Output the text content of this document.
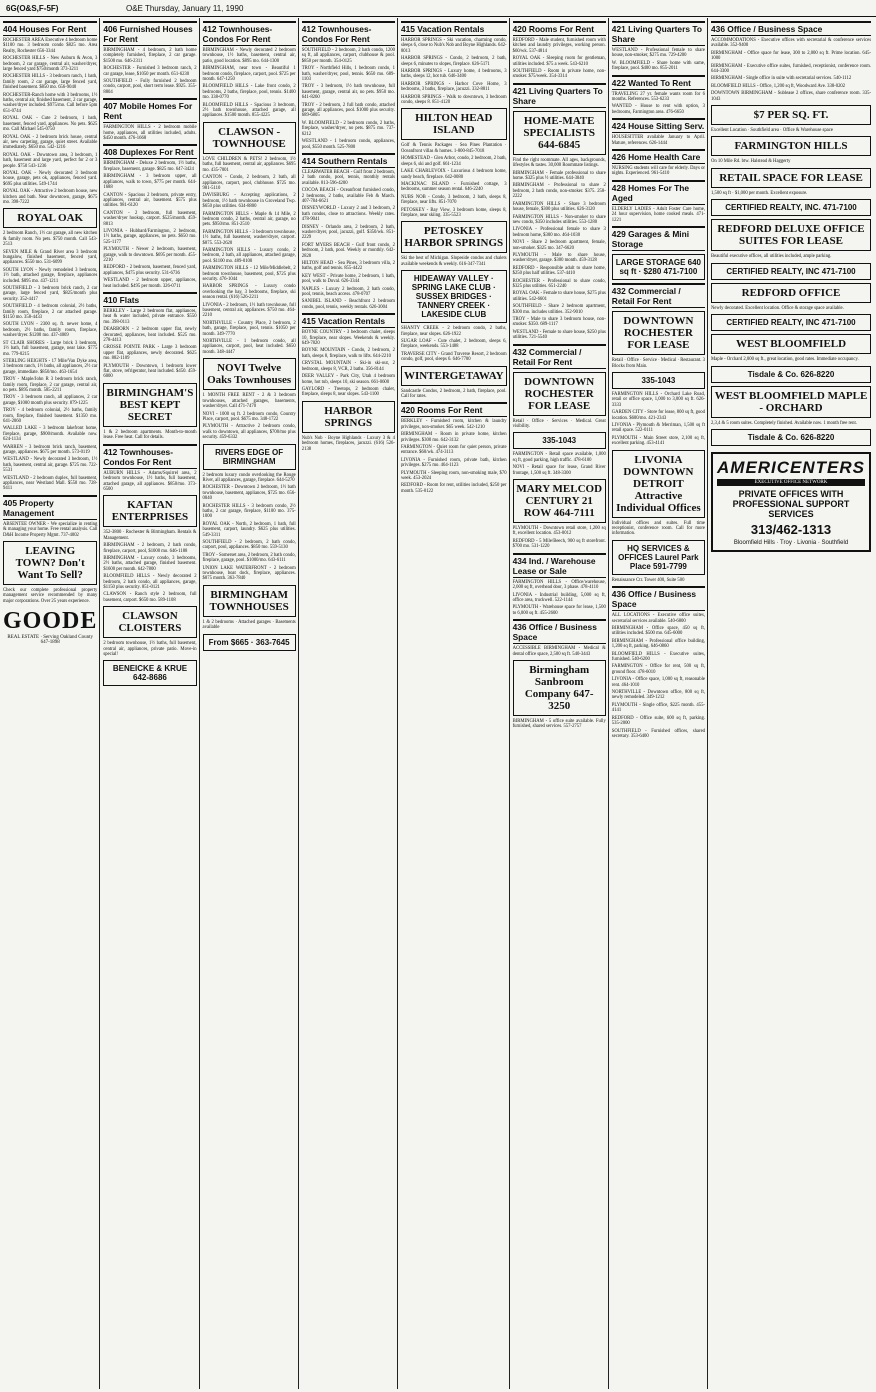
6G(O&S,F-5F)	O&E Thursday, January 11, 1990
404 Houses For Rent

ROCHESTER AREA Executive 4 bedroom home $1100 mo. 3 bedroom condo $825 mo. Area Realty, Rochester 656-3344

ROCHESTER HILLS - New Auburn & Avon, 3 bedroom, 2 car garage, central air, washer/dryer, large fenced yard $750/month 373-3211

ROCHESTER HILLS - 3 bedroom ranch, 1 bath, family room, 2 car garage, large fenced yard, finished basement. $850 mo. 656-9040

ROCHESTER-Ranch home with 3 bedrooms, 1½ baths, central air, finished basement, 2 car garage, washer/dryer included. $975/mo. Call before 5pm 651-0744

ROYAL OAK - Cute 2 bedroom, 1 bath, basement, fenced yard, appliances. No pets. $625 mo. Call Michael 545-0750

ROYAL OAK - 2 bedroom brick house, central air, new carpeting, garage, quiet street. Available immediately. $650 mo. 542-1216

ROYAL OAK - Downtown area, 3 bedroom, 1 bath, basement and large yard, perfect for 2 or 3 people. $750 543-1236

ROYAL OAK - Newly decorated 3 bedroom house, garage, pets ok, appliances, fenced yard. $695 plus utilities. 549-1744

ROYAL OAK - Attractive 2 bedroom house, new kitchen and bath. Near downtown, garage, $675 mo. 398-7222

ROYAL OAK

2 bedroom Ranch, 1½ car garage, all new kitchen & family room. No pets. $750 month. Call 543-2513

SEVEN MILE & Grand River area 3 bedroom bungalow, finished basement, fenced yard, appliances. $550 mo. 531-6099

SOUTH LYON - Newly remodeled 3 bedroom, 1½ bath, attached garage, fireplace, appliances included. $895 mo. 437-1211

SOUTHFIELD - 3 bedroom brick ranch, 2 car garage, large fenced yard, $825/month plus security. 352-4417

SOUTHFIELD - 4 bedroom colonial, 2½ baths, family room, fireplace, 2 car attached garage. $1150 mo. 358-4433

SOUTH LYON - 2300 sq. ft. newer home, 4 bedroom, 2½ baths, family room, fireplace, washer/dryer. $1200 mo. 437-4069

ST CLAIR SHORES - Large brick 3 bedroom, 1½ bath, full basement, garage, near lake. $775 mo. 779-0215

STERLING HEIGHTS - 17 Mile/Van Dyke area, 3 bedroom ranch, 1½ baths, all appliances, 2½ car garage, immediate. $850/mo. 463-1654

TROY - Maple/John R 3 bedroom brick ranch, family room, fireplace, 2 car garage, central air, no pets. $895 month. 585-2211

TROY - 3 bedroom ranch, all appliances, 2 car garage, $1000 month plus security. 879-1225

TROY - 4 bedroom colonial, 2½ baths, family room, fireplace, finished basement. $1350 mo. 641-2060

WALLED LAKE - 3 bedroom lakefront home, fireplace, garage, $900/month. Available now. 624-1134

WARREN - 3 bedroom brick ranch, basement, garage, appliances. $675 per month. 573-0119

WESTLAND - Newly decorated 3 bedroom, 1½ bath, basement, central air, garage. $725 mo. 722-5531

WESTLAND - 2 bedroom duplex, full basement, appliances, near Westland Mall. $550 mo. 728-9411

405 Property Management

ABSENTEE OWNER - We specialize in renting & managing your home. Free rental analysis. Call D&H Income Property Mgmt. 737-4002

LEAVING TOWN? Don't Want To Sell?

Check our complete professional property management service recommended by many major corporations. Over 25 years experience.

GOODE
REAL ESTATE · Serving Oakland County 647-1898
406 Furnished Houses For Rent

BIRMINGHAM - 4 bedroom, 2 bath home completely furnished, fireplace, 2 car garage. $1500 mo. 646-2311

ROCHESTER - Furnished 3 bedroom ranch, 2 car garage, lease, $1050 per month. 651-6230

SOUTHFIELD - Fully furnished 2 bedroom condo, carport, pool, short term lease. $925. 355-8804

407 Mobile Homes For Rent

FARMINGTON HILLS - 2 bedroom mobile home, appliances, all utilities included, adults. $450 month. 476-1668

408 Duplexes For Rent

BIRMINGHAM - Deluxe 2 bedroom, 1½ baths, fireplace, basement, garage. $825 mo. 647-3424

BIRMINGHAM - 3 bedroom upper, all appliances, walk to town, $775 per month. 644-1688

CANTON - Spacious 2 bedroom, private entry, appliances, central air, basement. $575 plus utilities. 981-6120

CANTON - 2 bedroom, full basement, washer/dryer hookup, carport. $525/month. 459-8813

LIVONIA - Hubbard/Farmington, 2 bedroom, 1½ baths, garage, appliances, no pets. $650 mo. 525-1177

PLYMOUTH - Newer 2 bedroom, basement, garage, walk to downtown. $695 per month. 455-2210

REDFORD - 2 bedroom, basement, fenced yard, appliances, $475 plus security. 531-6736

WESTLAND - 2 bedroom upper, appliances, heat included. $495 per month. 326-0711

410 Flats

BERKLEY - Large 2 bedroom flat, appliances, heat & water included, private entrance. $550 mo. 398-0113

DEARBORN - 2 bedroom upper flat, newly decorated, appliances, heat included. $525 mo. 278-4413

GROSSE POINTE PARK - Large 3 bedroom upper flat, appliances, newly decorated. $625 mo. 882-1109

PLYMOUTH - Downtown, 1 bedroom lower flat, stove, refrigerator, heat included. $450. 459-6000

BIRMINGHAM'S BEST KEPT SECRET

1 & 2 bedroom apartments. Month-to-month lease. Free heat. Call for details.

412 Townhouses-Condos For Rent

AUBURN HILLS - Adams/Squirrel area, 2 bedroom townhouse, 1½ baths, full basement, attached garage, all appliances. $850/mo. 373-6500

KAFTAN ENTERPRISES

352-3800 · Rochester & Birmingham. Rentals & Management.

BIRMINGHAM - 2 bedroom, 2 bath condo, fireplace, carport, pool, $1000 mo. 646-1188

BIRMINGHAM - Luxury condo, 3 bedrooms, 2½ baths, attached garage, finished basement. $1600 per month. 642-7800

BLOOMFIELD HILLS - Newly decorated 2 bedroom, 2 bath condo, all appliances, garage, $1150 plus security. 851-0121

CLAWSON - Ranch style 2 bedroom, full basement, carport. $650 mo. 589-1108

CLAWSON CLOISTERS

2 bedroom townhouse, 1½ baths, full basement, central air, appliances, private patio. Move-in special!

BENEICKE & KRUE 642-8686
412 Townhouses-Condos For Rent

BIRMINGHAM - Newly decorated 2 bedroom townhouse, 1½ baths, basement, central air, patio, good location. $895 mo. 644-1300

BIRMINGHAM, near town - Beautiful 1 bedroom condo, fireplace, carport, pool. $725 per month. 647-1250

BLOOMFIELD HILLS - Lake front condo, 2 bedrooms, 2 baths, fireplace, pool, tennis. $1400 mo. 338-0770

BLOOMFIELD HILLS - Spacious 3 bedroom, 2½ bath townhouse, attached garage, all appliances. $1500 month. 855-4225

CLAWSON - TOWNHOUSE

LOVE CHILDREN & PETS! 2 bedroom, 1½ baths, full basement, central air, appliances. $695 mo. 435-7001

CANTON - Condo, 2 bedroom, 2 bath, all appliances, carport, pool, clubhouse. $725 mo. 981-5110

DAVISBURG - Accepting applications, 2 bedroom, 1½ bath townhouse in Groveland Twp. $650 plus utilities. 634-8800

FARMINGTON HILLS - Maple & 14 Mile, 2 bedroom condo, 2 baths, central air, garage, no pets. $950/mo. 851-2510

FARMINGTON HILLS - 3 bedroom townhouse, 1½ baths, full basement, washer/dryer, carport. $875. 553-2620

FARMINGTON HILLS - Luxury condo, 2 bedroom, 2 bath, all appliances, attached garage, pool. $1100 mo. 489-0100

FARMINGTON HILLS - 12 Mile/Middlebelt, 2 bedroom townhouse, basement, pool, $725 plus security. 476-1044

HARBOR SPRINGS - Luxury condo overlooking the bay, 3 bedrooms, fireplace, ski season rental. (616) 526-2211

LIVONIA - 2 bedroom, 1½ bath townhouse, full basement, central air, appliances. $750 mo. 464-2210

NORTHVILLE - Country Place, 2 bedroom, 2 bath, garage, fireplace, pool, tennis. $1050 per month. 349-7770

NORTHVILLE - 1 bedroom condo, all appliances, carport, pool, heat included. $650 month. 348-4447

NOVI Twelve Oaks Townhouses

1 MONTH FREE RENT - 2 & 3 bedroom townhouses, attached garages, basements, washer/dryer. Call 471-7470

NOVI - 1000 sq ft. 2 bedroom condo, Country Place, carport, pool. $675 mo. 348-1722

PLYMOUTH - Attractive 2 bedroom condo, walk to downtown, all appliances, $700/mo plus security. 459-6332

RIVERS EDGE OF BIRMINGHAM

2 bedroom luxury condo overlooking the Rouge River, all appliances, garage, fireplace. 644-5270

ROCHESTER - Downtown 2 bedroom, 1½ bath townhouse, basement, appliances, $725 mo. 656-0040

ROCHESTER HILLS - 3 bedroom condo, 2½ baths, 2 car garage, fireplace, $1100 mo. 375-1000

ROYAL OAK - North, 2 bedroom, 1 bath, full basement, carport, laundry. $625 plus utilities. 549-3311

SOUTHFIELD - 2 bedroom, 2 bath condo, carport, pool, appliances. $850 mo. 559-5130

TROY - Somerset area, 2 bedroom, 2 bath condo, fireplace, garage, pool. $1000/mo. 643-6111

UNION LAKE WATERFRONT - 2 bedroom townhouse, boat dock, fireplace, appliances. $875 month. 363-7840

BIRMINGHAM TOWNHOUSES

1 & 2 bedrooms · Attached garages · Basements available

From $665 · 363-7645
412 Townhouses-Condos For Rent

SOUTHFIELD - 2 bedroom, 2 bath condo, 1200 sq ft, all appliances, carport, clubhouse & pool. $850 per month. 354-0125

TROY - Northfield Hills, 1 bedroom condo, 1 bath, washer/dryer, pool, tennis. $650 mo. 689-1103

TROY - 3 bedroom, 1½ bath townhouse, full basement, garage, central air, no pets. $950 mo. 641-8260

TROY - 2 bedroom, 2 full bath condo, attached garage, all appliances, pool. $1000 plus security. 689-6805

W. BLOOMFIELD - 2 bedroom condo, 2 baths, fireplace, washer/dryer, no pets. $875 mo. 737-6212

WESTLAND - 1 bedroom condo, appliances, pool, $550 month. 525-7800

414 Southern Rentals

CLEARWATER BEACH - Gulf front 2 bedroom, 2 bath condo, pool, tennis, monthly rentals available. 813-596-4200

COCOA BEACH - Oceanfront furnished condo, 2 bedrooms, 2 baths, available Feb & March. 407-784-6621

DISNEYWORLD - Luxury 2 and 3 bedroom, 2 bath condos, close to attractions. Weekly rates. 478-9041

DISNEY - Orlando area, 2 bedroom, 2 bath, washer/dryer, pool, jacuzzi, golf. $350/wk. 851-2229

FORT MYERS BEACH - Gulf front condo, 2 bedroom, 2 bath, pool. Weekly or monthly. 642-2828

HILTON HEAD - Sea Pines, 3 bedroom villa, 2 baths, golf and tennis. 855-4422

KEY WEST - Private home, 2 bedroom, 1 bath, pool, walk to Duval. 626-3344

NAPLES - Luxury 2 bedroom, 2 bath condo, pool, tennis, beach access. 478-0707

SANIBEL ISLAND - Beachfront 2 bedroom condo, pool, tennis, weekly rentals. 626-3004

415 Vacation Rentals

BOYNE COUNTRY - 3 bedroom chalet, sleeps 10, fireplace, near slopes. Weekends & weekly. 649-7820

BOYNE MOUNTAIN - Condo, 2 bedroom, 2 bath, sleeps 8, fireplace, walk to lifts. 644-2210

CRYSTAL MOUNTAIN - Ski-in ski-out, 2 bedroom, sleeps 8, VCR, 2 baths. 356-8144

DEER VALLEY - Park City, Utah 4 bedroom home, hot tub, sleeps 10, ski season. 661-0600

GAYLORD - Treetops, 2 bedroom chalet, fireplace, sleeps 8, near slopes. 543-1100

HARBOR SPRINGS

Nub's Nob · Boyne Highlands · Luxury 3 & 4 bedroom homes, fireplaces, jacuzzi. (616) 526-2138

415 Vacation Rentals

HARBOR SPRINGS - Ski vacation, charming condo, sleeps 6, close to Nub's Nob and Boyne Highlands. 642-8013

HARBOR SPRINGS - Condo, 2 bedroom, 2 bath, sleeps 6, minutes to slopes, fireplace. 626-5171

HARBOR SPRINGS - Luxury home, 4 bedrooms, 3 baths, sleeps 12, hot tub. 646-3400

HARBOR SPRINGS - Harbor Cove Home, 3 bedrooms, 3 baths, fireplace, jacuzzi. 332-8811

HARBOR SPRINGS - Walk to downtown, 3 bedroom condo, sleeps 8. 851-4120

HILTON HEAD ISLAND

Golf & Tennis Packages · Sea Pines Plantation · Oceanfront villas & homes. 1-800-845-7018

HOMESTEAD - Glen Arbor, condo, 2 bedroom, 2 bath, sleeps 6, ski and golf. 661-1234

LAKE CHARLEVOIX - Luxurious 4 bedroom home, sandy beach, fireplace. 642-0080

MACKINAC ISLAND - Furnished cottage, 3 bedrooms, summer season rental. 646-2240

NUBS NOB - Condo, 3 bedroom, 2 bath, sleeps 8, fireplace, near lifts. 851-7070

PETOSKEY - Bay View, 3 bedroom home, sleeps 8, fireplace, near skiing. 335-5523

PETOSKEY HARBOR SPRINGS

Ski the best of Michigan. Slopeside condos and chalets available weekends & weekly. 616-347-7341

HIDEAWAY VALLEY · SPRING LAKE CLUB · SUSSEX BRIDGES · TANNERY CREEK · LAKESIDE CLUB

SHANTY CREEK - 2 bedroom condo, 2 baths, fireplace, near slopes. 626-1922

SUGAR LOAF - Cute chalet, 2 bedroom, sleeps 6, fireplace, weekends. 553-1488

TRAVERSE CITY - Grand Traverse Resort, 2 bedroom condo, golf, pool, sleeps 6. 646-7700

WINTERGETAWAY

Sandcastle Condos, 2 bedroom, 2 bath, fireplace, pool. Call for rates.

420 Rooms For Rent

BERKLEY - Furnished room, kitchen & laundry privileges, non-smoker. $65 week. 542-1210

BIRMINGHAM - Room in private home, kitchen privileges. $300 mo. 642-3132

FARMINGTON - Quiet room for quiet person, private entrance. $60/wk. 474-3113

LIVONIA - Furnished room, private bath, kitchen privileges. $275 mo. 464-1123

PLYMOUTH - Sleeping room, non-smoking male, $70 week. 453-2024

REDFORD - Room for rent, utilities included, $250 per month. 535-0122

420 Rooms For Rent

REDFORD - Male student, furnished room with kitchen and laundry privileges, working person. $60/wk. 537-4814

ROYAL OAK - Sleeping room for gentleman, utilities included. $75 a week. 543-6210

SOUTHFIELD - Room in private home, non-smoker. $75/week. 354-3314

421 Living Quarters To Share
HOME-MATE SPECIALISTS 644-6845

Find the right roommate. All ages, backgrounds, lifestyles & tastes. 30,000 Roommate listings.

BIRMINGHAM - Female professional to share home. $325 plus ½ utilities. 644-3040

BIRMINGHAM - Professional to share 2 bedroom, 2 bath condo, non-smoker. $375. 258-2222

FARMINGTON HILLS - Share 3 bedroom house, female, $300 plus utilities. 626-3120

FARMINGTON HILLS - Non-smoker to share new condo, $350 includes utilities. 553-1280

LIVONIA - Professional female to share 3 bedroom home, $300 mo. 464-1030

NOVI - Share 2 bedroom apartment, female, non-smoker. $325 mo. 347-6620

PLYMOUTH - Male to share house, washer/dryer, garage. $300 month. 459-3128

REDFORD - Responsible adult to share home, $250 plus half utilities. 537-4410

ROCHESTER - Professional to share condo, $325 plus utilities. 651-2240

ROYAL OAK - Female to share house, $275 plus utilities. 542-6601

SOUTHFIELD - Share 2 bedroom apartment, $300 mo. includes utilities. 352-9010

TROY - Male to share 3 bedroom house, non-smoker. $350. 689-1117

WESTLAND - Female to share house, $250 plus utilities. 721-5540

432 Commercial / Retail For Rent
DOWNTOWN ROCHESTER FOR LEASE

Retail · Office · Services · Medical. Great visibility.

335-1043

FARMINGTON - Retail space available, 1,000 sq ft, good parking, high traffic. 478-6100

NOVI - Retail space for lease, Grand River frontage, 1,500 sq ft. 348-3300

MARY MELCOD CENTURY 21 ROW 464-7111

PLYMOUTH - Downtown retail store, 1,200 sq ft, excellent location. 453-0012

REDFORD - 5 Mile/Beech, 900 sq ft storefront. $700 mo. 531-1220

434 Ind. / Warehouse Lease or Sale

FARMINGTON HILLS - Office/warehouse, 2,000 sq ft, overhead door, 3 phase. 478-4110

LIVONIA - Industrial building, 5,000 sq ft, office area, truckwell. 522-1144

PLYMOUTH - Warehouse space for lease, 1,500 to 6,000 sq ft. 455-2600

436 Office / Business Space

ACCESSIBLE BIRMINGHAM - Medical & dental office space, 2,500 sq ft. 540-3443

Birmingham Sanbroom Company 647-3250

BIRMINGHAM - 5 office suite available. Fully furnished, shared services. 557-2757

421 Living Quarters To Share

WESTLAND - Professional female to share house, non-smoker, $275 mo. 729-4200

W. BLOOMFIELD - Share home with same, fireplace, pool. $400 mo. 855-2011

422 Wanted To Rent

TRAVELING 27 yr. female wants room for 6 months. References. 553-6233

WANTED - House to rent with option, 3 bedrooms, Farmington area. 476-6650

424 House Sitting Serv.

HOUSESITTER available January to April. Mature, references. 626-1444

426 Home Health Care

NURSING students will care for elderly. Days or nights. Experienced. 961-5410

428 Homes For The Aged

ELDERLY LADIES - Adult Foster Care home, 24 hour supervision, home cooked meals. 471-1221

429 Garages & Mini Storage
LARGE STORAGE 640 sq ft · $280 471-7100
432 Commercial / Retail For Rent
DOWNTOWN ROCHESTER FOR LEASE

Retail · Office · Service · Medical · Restaurant. 3 Blocks from Main.

335-1043

FARMINGTON HILLS - Orchard Lake Road, retail or office space, 1,000 to 3,000 sq ft. 626-3333

GARDEN CITY - Store for lease, 800 sq ft, good location. $600/mo. 421-2343

LIVONIA - Plymouth & Merriman, 1,500 sq ft retail space. 522-0111

PLYMOUTH - Main Street store, 2,100 sq ft, excellent parking. 453-4141

LIVONIA DOWNTOWN DETROIT Attractive Individual Offices

Individual offices and suites. Full time receptionist, conference room. Call for more information.

HQ SERVICES & OFFICES Laurel Park Place 591-7799

Renaissance Ctr. Tower 400, Suite 500

436 Office / Business Space

ALL LOCATIONS - Executive office suites, secretarial services available. 540-6800

BIRMINGHAM - Office space, 450 sq ft, utilities included. $500 mo. 645-6000

BIRMINGHAM - Professional office building, 1,200 sq ft, parking. 646-0860

BLOOMFIELD HILLS - Executive suites, furnished. 540-6200

FARMINGTON - Office for rent, 500 sq ft, ground floor. 478-6010

LIVONIA - Office space, 1,000 sq ft, reasonable rent. 464-1010

NORTHVILLE - Downtown office, 800 sq ft, newly remodeled. 349-1212

PLYMOUTH - Single office, $225 month. 455-4141

REDFORD - Office suite, 600 sq ft, parking. 535-2000

SOUTHFIELD - Furnished offices, shared secretary. 353-6400

436 Office / Business Space

ACCOMMODATIONS - Executive offices with secretarial & conference services available. 352-9400

BIRMINGHAM - Office space for lease, 300 to 2,000 sq ft. Prime location. 645-1000

BIRMINGHAM - Executive office suites, furnished, receptionist, conference room. 644-3300

BIRMINGHAM - Single office in suite with secretarial services. 540-1112

BLOOMFIELD HILLS - Office, 1,200 sq ft, Woodward Ave. 338-0202

DOWNTOWN BIRMINGHAM - Sublease 2 offices, share conference room. 335-1043

$7 PER SQ. FT.

Excellent Location · Southfield area · Office & Warehouse space

FARMINGTON HILLS

On 10 Mile Rd. btw. Halstead & Haggerty

RETAIL SPACE FOR LEASE

1,500 sq ft · $1,000 per month. Excellent exposure.

CERTIFIED REALTY, INC. 471-7100
REDFORD DELUXE OFFICE SUITES FOR LEASE

Beautiful executive offices, all utilities included, ample parking.

CERTIFIED REALTY, INC 471-7100
REDFORD OFFICE

Newly decorated. Excellent location. Office & storage space available.

CERTIFIED REALTY, INC 471-7100
WEST BLOOMFIELD

Maple - Orchard 2,000 sq ft., great location, good rates. Immediate occupancy.

Tisdale & Co. 626-8220
WEST BLOOMFIELD MAPLE - ORCHARD

2,3,4 & 5 room suites. Completely finished. Available now. 1 month free rent.

Tisdale & Co. 626-8220
AMERICENTERS
EXECUTIVE OFFICE NETWORK
PRIVATE OFFICES WITH PROFESSIONAL SUPPORT SERVICES
313/462-1313
Bloomfield Hills · Troy · Livonia · Southfield
